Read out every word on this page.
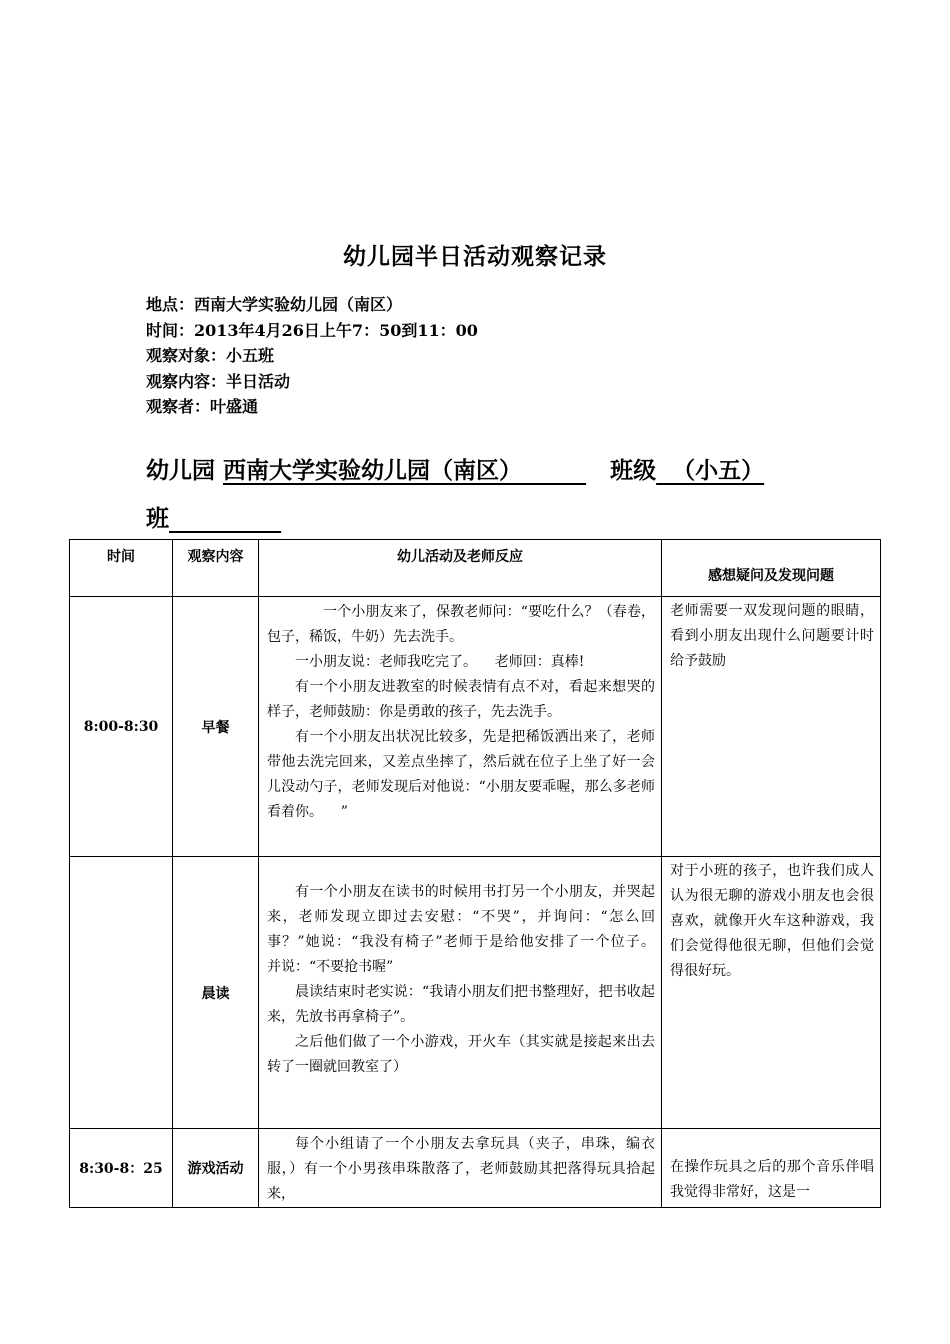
幼儿园半日活动观察记录
地点：西南大学实验幼儿园（南区）
时间：2013年4月26日上午7：50到11：00
观察对象：小五班
观察内容：半日活动
观察者：叶盛通
幼儿园 西南大学实验幼儿园（南区）           班级  （小五）
班
时间	观察内容	幼儿活动及老师反应	感想疑问及发现问题
8:00-8:30	早餐	一个小朋友来了，保教老师问：“要吃什么？（春卷，包子，稀饭，牛奶）先去洗手。

一小朋友说：老师我吃完了。    老师回：真棒!

有一个小朋友进教室的时候表情有点不对，看起来想哭的样子，老师鼓励：你是勇敢的孩子，先去洗手。

有一个小朋友出状况比较多，先是把稀饭洒出来了，老师带他去洗完回来，又差点坐摔了，然后就在位子上坐了好一会儿没动勺子，老师发现后对他说：“小朋友要乖喔，那么多老师看着你。    ”	老师需要一双发现问题的眼睛，看到小朋友出现什么问题要计时给予鼓励

	晨读	有一个小朋友在读书的时候用书打另一个小朋友，并哭起来，老师发现立即过去安慰：“不哭”，并询问：“怎么回事？”她说：“我没有椅子”老师于是给他安排了一个位子。    并说：“不要抢书喔”

晨读结束时老实说：“我请小朋友们把书整理好，把书收起来，先放书再拿椅子”。

之后他们做了一个小游戏，开火车（其实就是接起来出去转了一圈就回教室了）	对于小班的孩子，也许我们成人认为很无聊的游戏小朋友也会很喜欢，就像开火车这种游戏，我们会觉得他很无聊，但他们会觉得很好玩。

8:30-8：25	游戏活动	每个小组请了一个小朋友去拿玩具（夹子，串珠，编衣服，）有一个小男孩串珠散落了，老师鼓励其把落得玩具拾起来，	在操作玩具之后的那个音乐伴唱我觉得非常好，这是一
